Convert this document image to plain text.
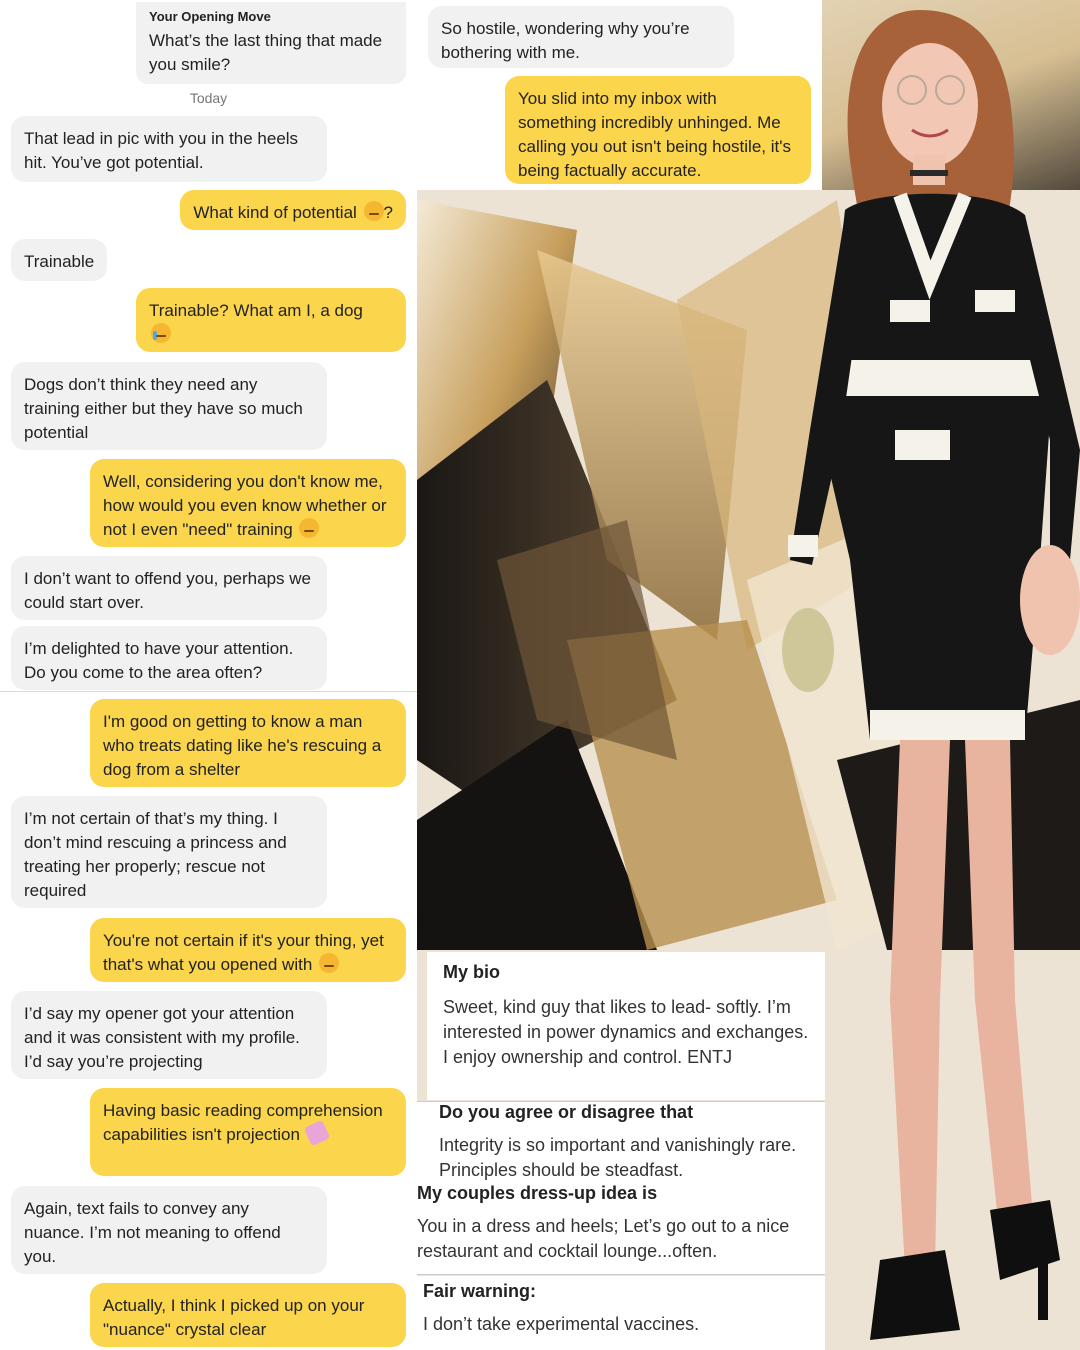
Your Opening Move
What’s the last thing that made you smile?
Today
That lead in pic with you in the heels hit. You’ve got potential.
What kind of potential ?
Trainable
Trainable? What am I, a dog

Dogs don’t think they need any training either but they have so much potential
Well, considering you don't know me, how would you even know whether or not I even "need" training
I don’t want to offend you, perhaps we could start over.
I’m delighted to have your attention. Do you come to the area often?
I'm good on getting to know a man who treats dating like he's rescuing a dog from a shelter
I’m not certain of that’s my thing. I don’t mind rescuing a princess and treating her properly; rescue not required
You're not certain if it's your thing, yet that's what you opened with
I’d say my opener got your attention and it was consistent with my profile. I’d say you’re projecting
Having basic reading comprehension capabilities isn't projection
Again, text fails to convey any nuance. I’m not meaning to offend you.
Actually, I think I picked up on your "nuance" crystal clear
So hostile, wondering why you’re bothering with me.
You slid into my inbox with something incredibly unhinged. Me calling you out isn't being hostile, it's being factually accurate.
My bio
Sweet, kind guy that likes to lead- softly. I’m interested in power dynamics and exchanges. I enjoy ownership and control. ENTJ
Do you agree or disagree that
Integrity is so important and vanishingly rare. Principles should be steadfast.
My couples dress-up idea is
You in a dress and heels; Let’s go out to a nice restaurant and cocktail lounge...often.
Fair warning:
I don’t take experimental vaccines.
